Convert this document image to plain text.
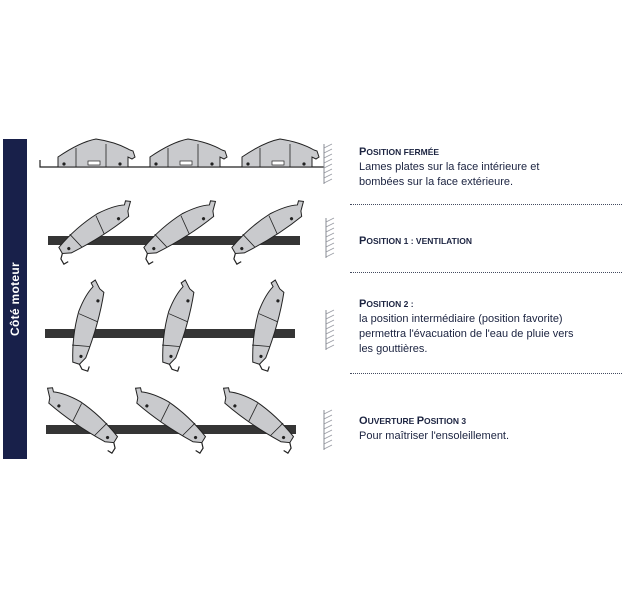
Côté moteur
POSITION FERMÉE
Lames plates sur la face intérieure et
bombées sur la face extérieure.
POSITION 1 : VENTILATION
POSITION 2 :
la position intermédiaire (position favorite)
permettra l'évacuation de l'eau de pluie vers
les gouttières.
OUVERTURE POSITION 3
Pour maîtriser l'ensoleillement.
